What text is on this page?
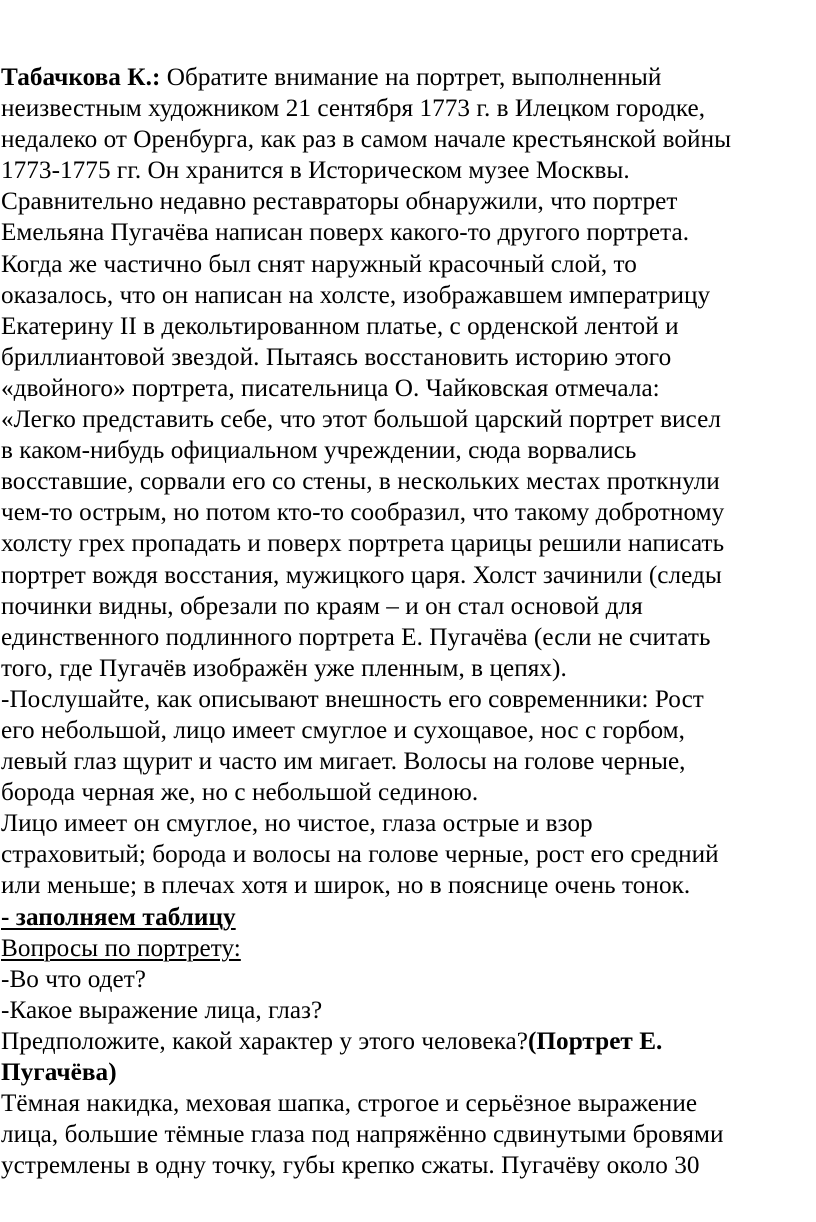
Табачкова К.: Обратите внимание на портрет, выполненный
неизвестным художником 21 сентября 1773 г. в Илецком городке,
недалеко от Оренбурга, как раз в самом начале крестьянской войны
1773-1775 гг. Он хранится в Историческом музее Москвы.
Сравнительно недавно реставраторы обнаружили, что портрет
Емельяна Пугачёва написан поверх какого-то другого портрета.
Когда же частично был снят наружный красочный слой, то
оказалось, что он написан на холсте, изображавшем императрицу
Екатерину II в декольтированном платье, с орденской лентой и
бриллиантовой звездой. Пытаясь восстановить историю этого
«двойного» портрета, писательница О. Чайковская отмечала:
«Легко представить себе, что этот большой царский портрет висел
в каком-нибудь официальном учреждении, сюда ворвались
восставшие, сорвали его со стены, в нескольких местах проткнули
чем-то острым, но потом кто-то сообразил, что такому добротному
холсту грех пропадать и поверх портрета царицы решили написать
портрет вождя восстания, мужицкого царя. Холст зачинили (следы
починки видны, обрезали по краям – и он стал основой для
единственного подлинного портрета Е. Пугачёва (если не считать
того, где Пугачёв изображён уже пленным, в цепях).
-Послушайте, как описывают внешность его современники: Рост
его небольшой, лицо имеет смуглое и сухощавое, нос с горбом,
левый глаз щурит и часто им мигает. Волосы на голове черные,
борода черная же, но с небольшой сединою.
Лицо имеет он смуглое, но чистое, глаза острые и взор
страховитый; борода и волосы на голове черные, рост его средний
или меньше; в плечах хотя и широк, но в пояснице очень тонок.
- заполняем таблицу
Вопросы по портрету:
-Во что одет?
-Какое выражение лица, глаз?
Предположите, какой характер у этого человека?(Портрет Е.
Пугачёва)
Тёмная накидка, меховая шапка, строгое и серьёзное выражение
лица, большие тёмные глаза под напряжённо сдвинутыми бровями
устремлены в одну точку, губы крепко сжаты. Пугачёву около 30
